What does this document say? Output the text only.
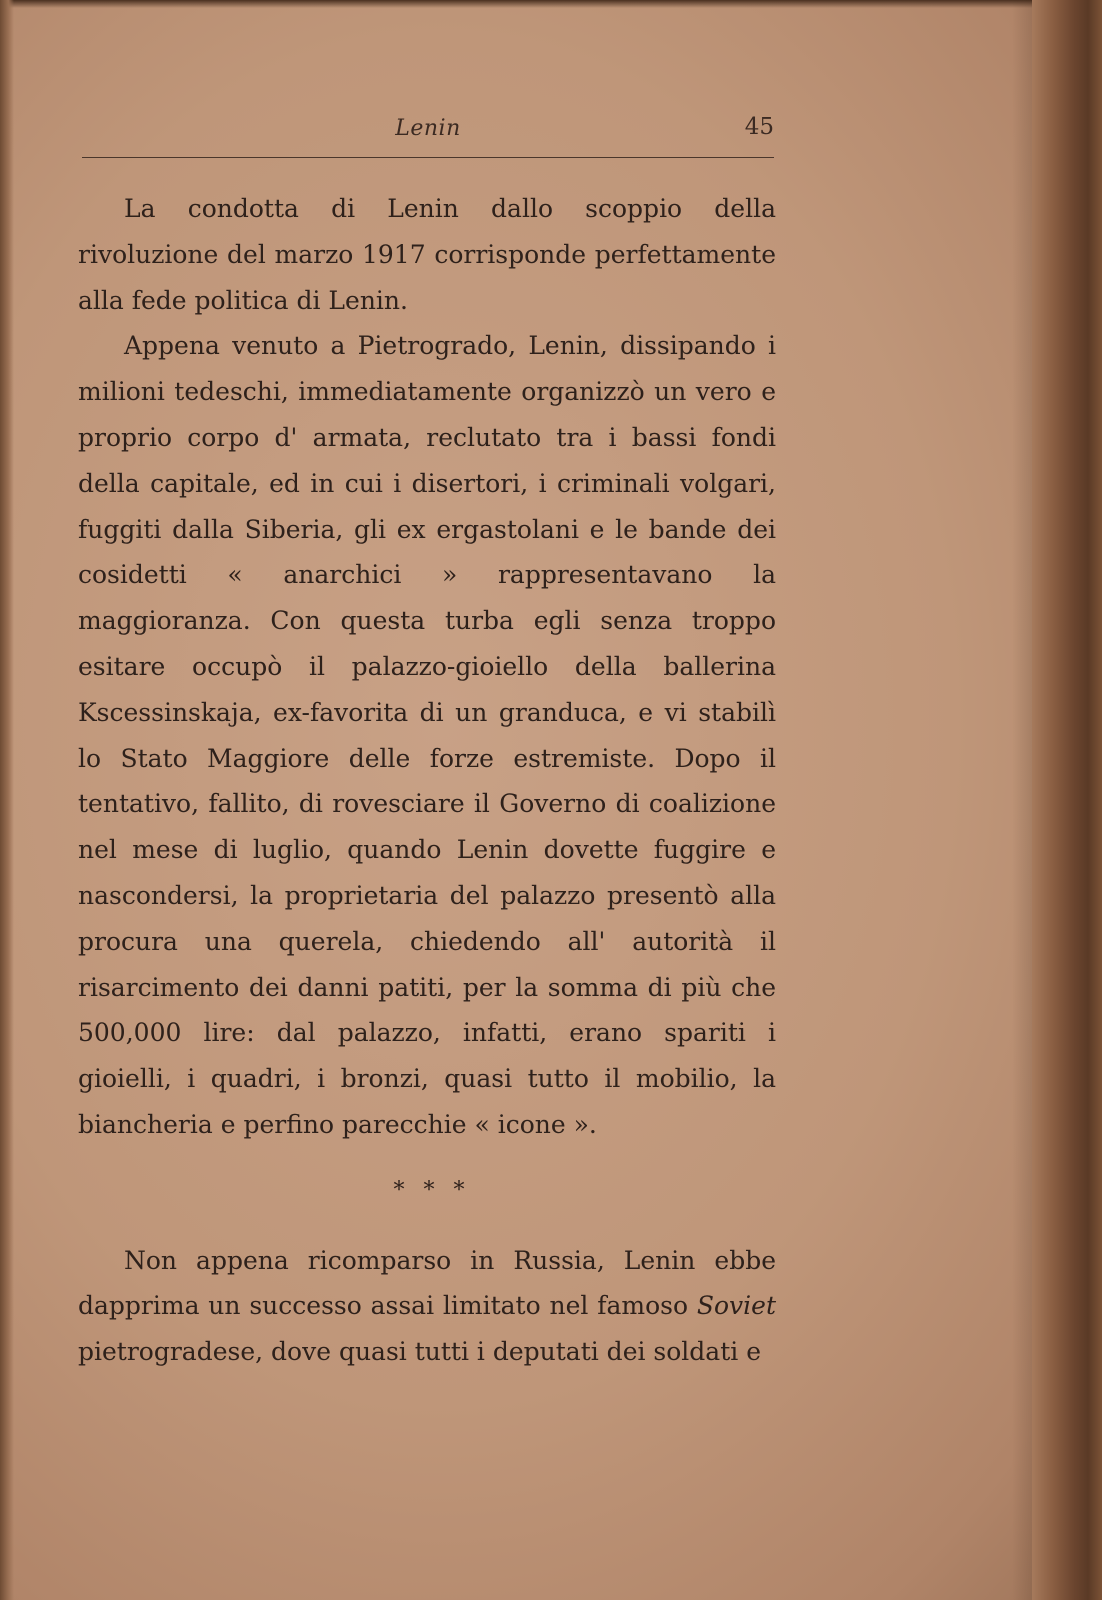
Lenin	45

La condotta di Lenin dallo scoppio della rivoluzione del marzo 1917 corrisponde perfettamente alla fede politica di Lenin.

Appena venuto a Pietrogrado, Lenin, dissipando i milioni tedeschi, immediatamente organizzò un vero e proprio corpo d' armata, reclutato tra i bassi fondi della capitale, ed in cui i disertori, i criminali volgari, fuggiti dalla Siberia, gli ex ergastolani e le bande dei cosidetti « anarchici » rappresentavano la maggioranza. Con questa turba egli senza troppo esitare occupò il palazzo-gioiello della ballerina Kscessinskaja, ex-favorita di un granduca, e vi stabilì lo Stato Maggiore delle forze estremiste. Dopo il tentativo, fallito, di rovesciare il Governo di coalizione nel mese di luglio, quando Lenin dovette fuggire e nascondersi, la proprietaria del palazzo presentò alla procura una querela, chiedendo all' autorità il risarcimento dei danni patiti, per la somma di più che 500,000 lire: dal palazzo, infatti, erano spariti i gioielli, i quadri, i bronzi, quasi tutto il mobilio, la biancheria e perfino parecchie « icone ».

* * *

Non appena ricomparso in Russia, Lenin ebbe dapprima un successo assai limitato nel famoso Soviet pietrogradese, dove quasi tutti i deputati dei soldati e
